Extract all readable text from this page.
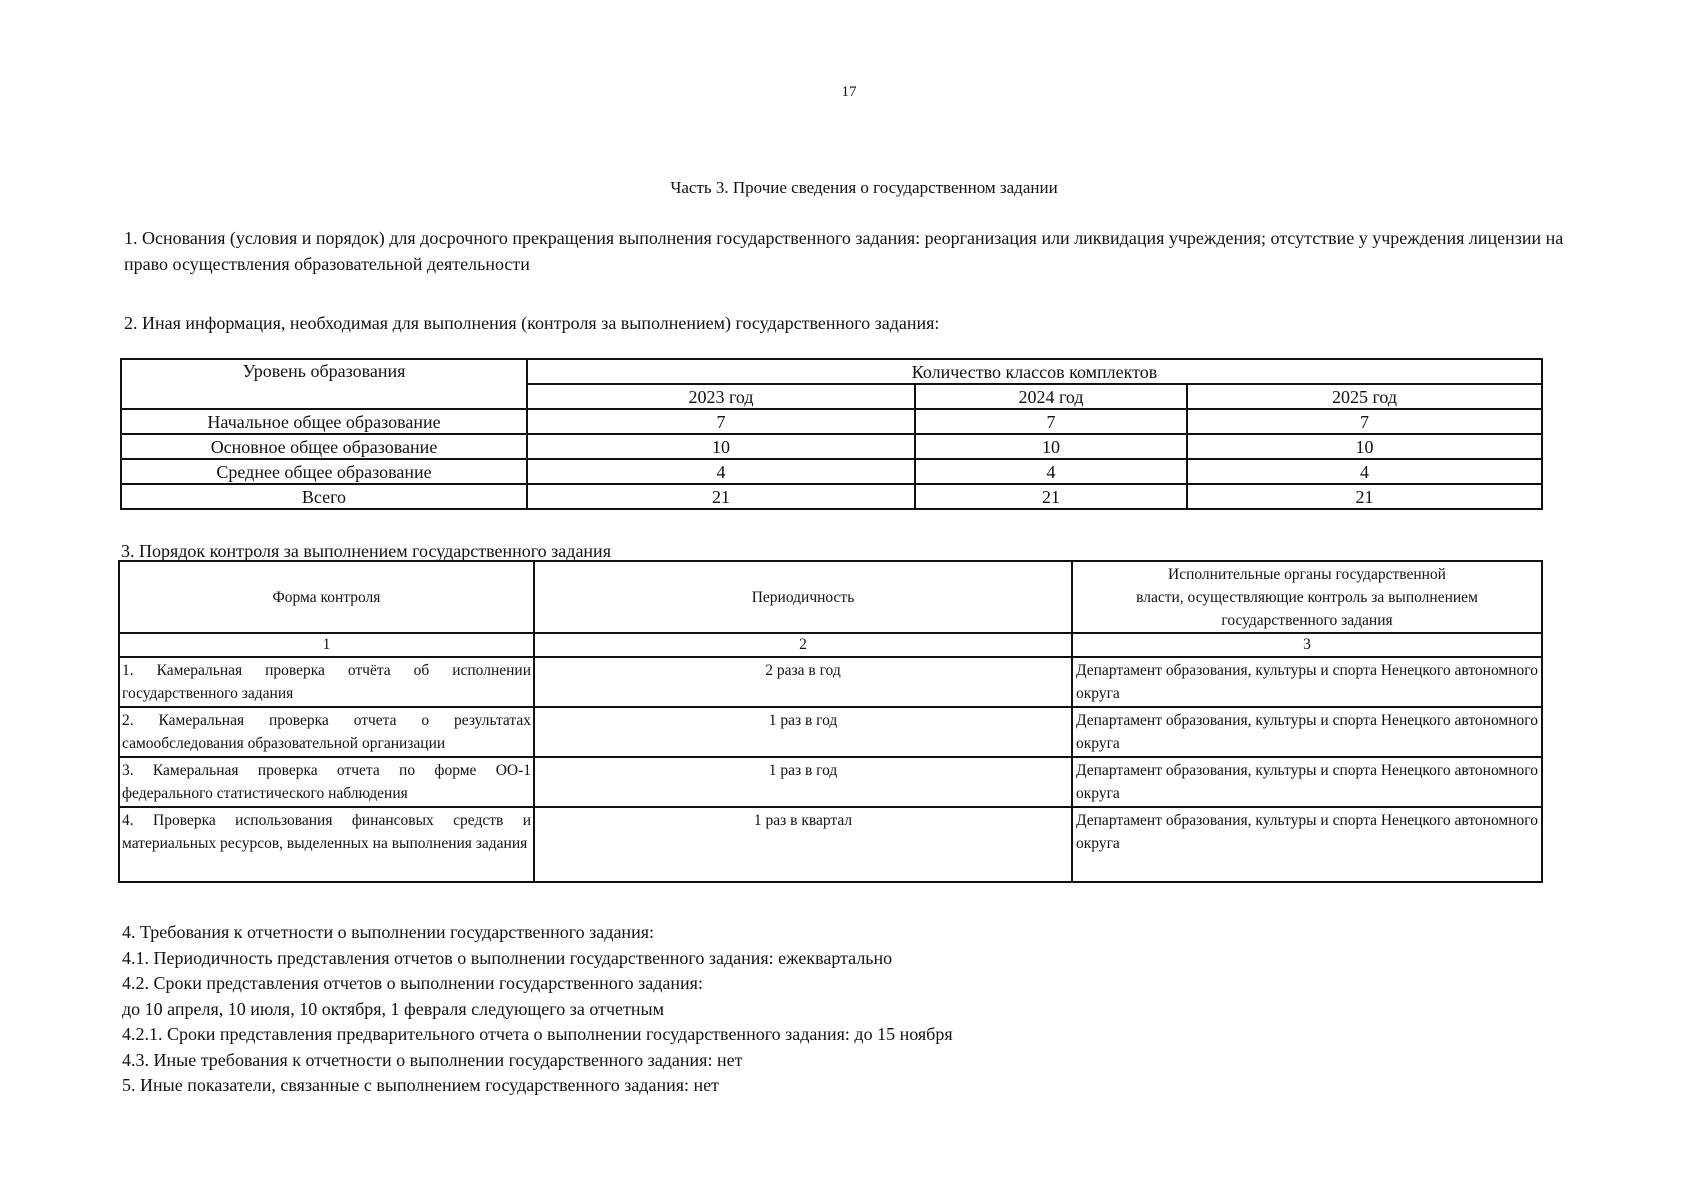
17
Часть 3. Прочие сведения о государственном задании
1. Основания (условия и порядок) для досрочного прекращения выполнения государственного задания: реорганизация или ликвидация учреждения; отсутствие у учреждения лицензии на право осуществления образовательной деятельности
2. Иная информация, необходимая для выполнения (контроля за выполнением) государственного задания:
Уровень образования	Количество классов комплектов		
	2023 год	2024 год	2025 год
Начальное общее образование	7	7	7
Основное общее образование	10	10	10
Среднее общее образование	4	4	4
Всего	21	21	21
3. Порядок контроля за выполнением государственного задания
Форма контроля	Периодичность	Исполнительные органы государственной
власти, осуществляющие контроль за выполнением
государственного задания

1	2	3
1. Камеральная проверка отчёта об исполнении государственного задания	2 раза в год	Департамент образования, культуры и спорта Ненецкого автономного округа
2. Камеральная проверка отчета о результатах самообследования образовательной организации	1 раз в год	Департамент образования, культуры и спорта Ненецкого автономного округа
3. Камеральная проверка отчета по форме ОО-1 федерального статистического наблюдения	1 раз в год	Департамент образования, культуры и спорта Ненецкого автономного округа
4. Проверка использования финансовых средств и материальных ресурсов, выделенных на выполнения задания	1 раз в квартал	Департамент образования, культуры и спорта Ненецкого автономного округа
4. Требования к отчетности о выполнении государственного задания:
4.1. Периодичность представления отчетов о выполнении государственного задания: ежеквартально
4.2. Сроки представления отчетов о выполнении государственного задания:
до 10 апреля, 10 июля, 10 октября, 1 февраля следующего за отчетным
4.2.1. Сроки представления предварительного отчета о выполнении государственного задания: до 15 ноября
4.3. Иные требования к отчетности о выполнении государственного задания: нет
5. Иные показатели, связанные с выполнением государственного задания: нет
